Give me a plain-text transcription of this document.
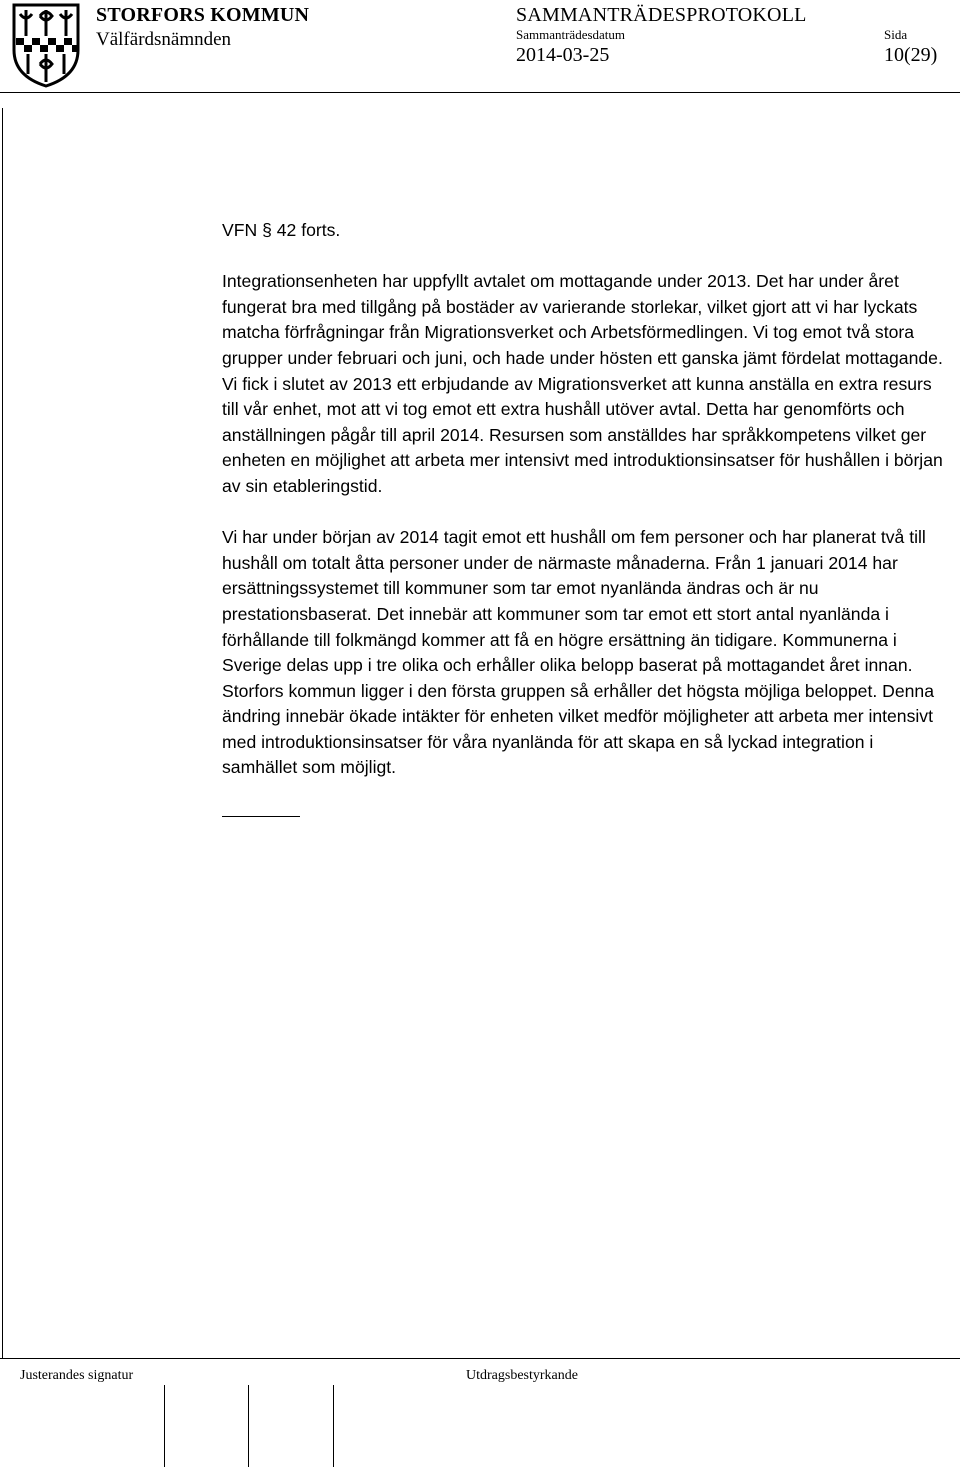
STORFORS KOMMUN
Välfärdsnämnden
SAMMANTRÄDESPROTOKOLL
Sammanträdesdatum
2014-03-25
Sida
10(29)

VFN § 42 forts.

Integrationsenheten har uppfyllt avtalet om mottagande under 2013. Det har under året fungerat bra med tillgång på bostäder av varierande storlekar, vilket gjort att vi har lyckats matcha förfrågningar från Migrationsverket och Arbetsförmedlingen. Vi tog emot två stora grupper under februari och juni, och hade under hösten ett ganska jämt fördelat mottagande. Vi fick i slutet av 2013 ett erbjudande av Migrationsverket att kunna anställa en extra resurs till vår enhet, mot att vi tog emot ett extra hushåll utöver avtal. Detta har genomförts och anställningen pågår till april 2014. Resursen som anställdes har språkkompetens vilket ger enheten en möjlighet att arbeta mer intensivt med introduktionsinsatser för hushållen i början av sin etableringstid.

Vi har under början av 2014 tagit emot ett hushåll om fem personer och har planerat två till hushåll om totalt åtta personer under de närmaste månaderna. Från 1 januari 2014 har ersättningssystemet till kommuner som tar emot nyanlända ändras och är nu prestationsbaserat. Det innebär att kommuner som tar emot ett stort antal nyanlända i förhållande till folkmängd kommer att få en högre ersättning än tidigare. Kommunerna i Sverige delas upp i tre olika och erhåller olika belopp baserat på mottagandet året innan. Storfors kommun ligger i den första gruppen så erhåller det högsta möjliga beloppet. Denna ändring innebär ökade intäkter för enheten vilket medför möjligheter att arbeta mer intensivt med introduktionsinsatser för våra nyanlända för att skapa en så lyckad integration i samhället som möjligt.

Justerandes signatur	Utdragsbestyrkande
